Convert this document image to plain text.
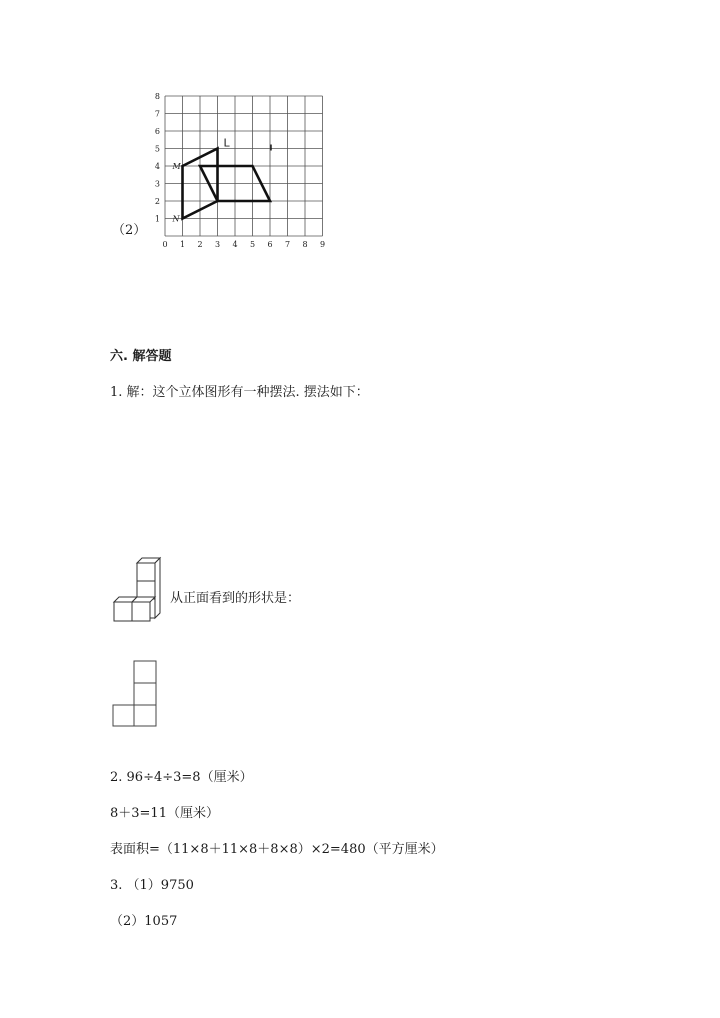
（2）
0 1 2 3 4 5 6 7 8 9
1
2
3
4
5
6
7
8
M
N
L
六. 解答题
1. 解：这个立体图形有一种摆法. 摆法如下：
从正面看到的形状是：
2. 96÷4÷3=8（厘米）
8＋3=11（厘米）
表面积=（11×8＋11×8＋8×8）×2=480（平方厘米）
3. （1）9750
（2）1057
